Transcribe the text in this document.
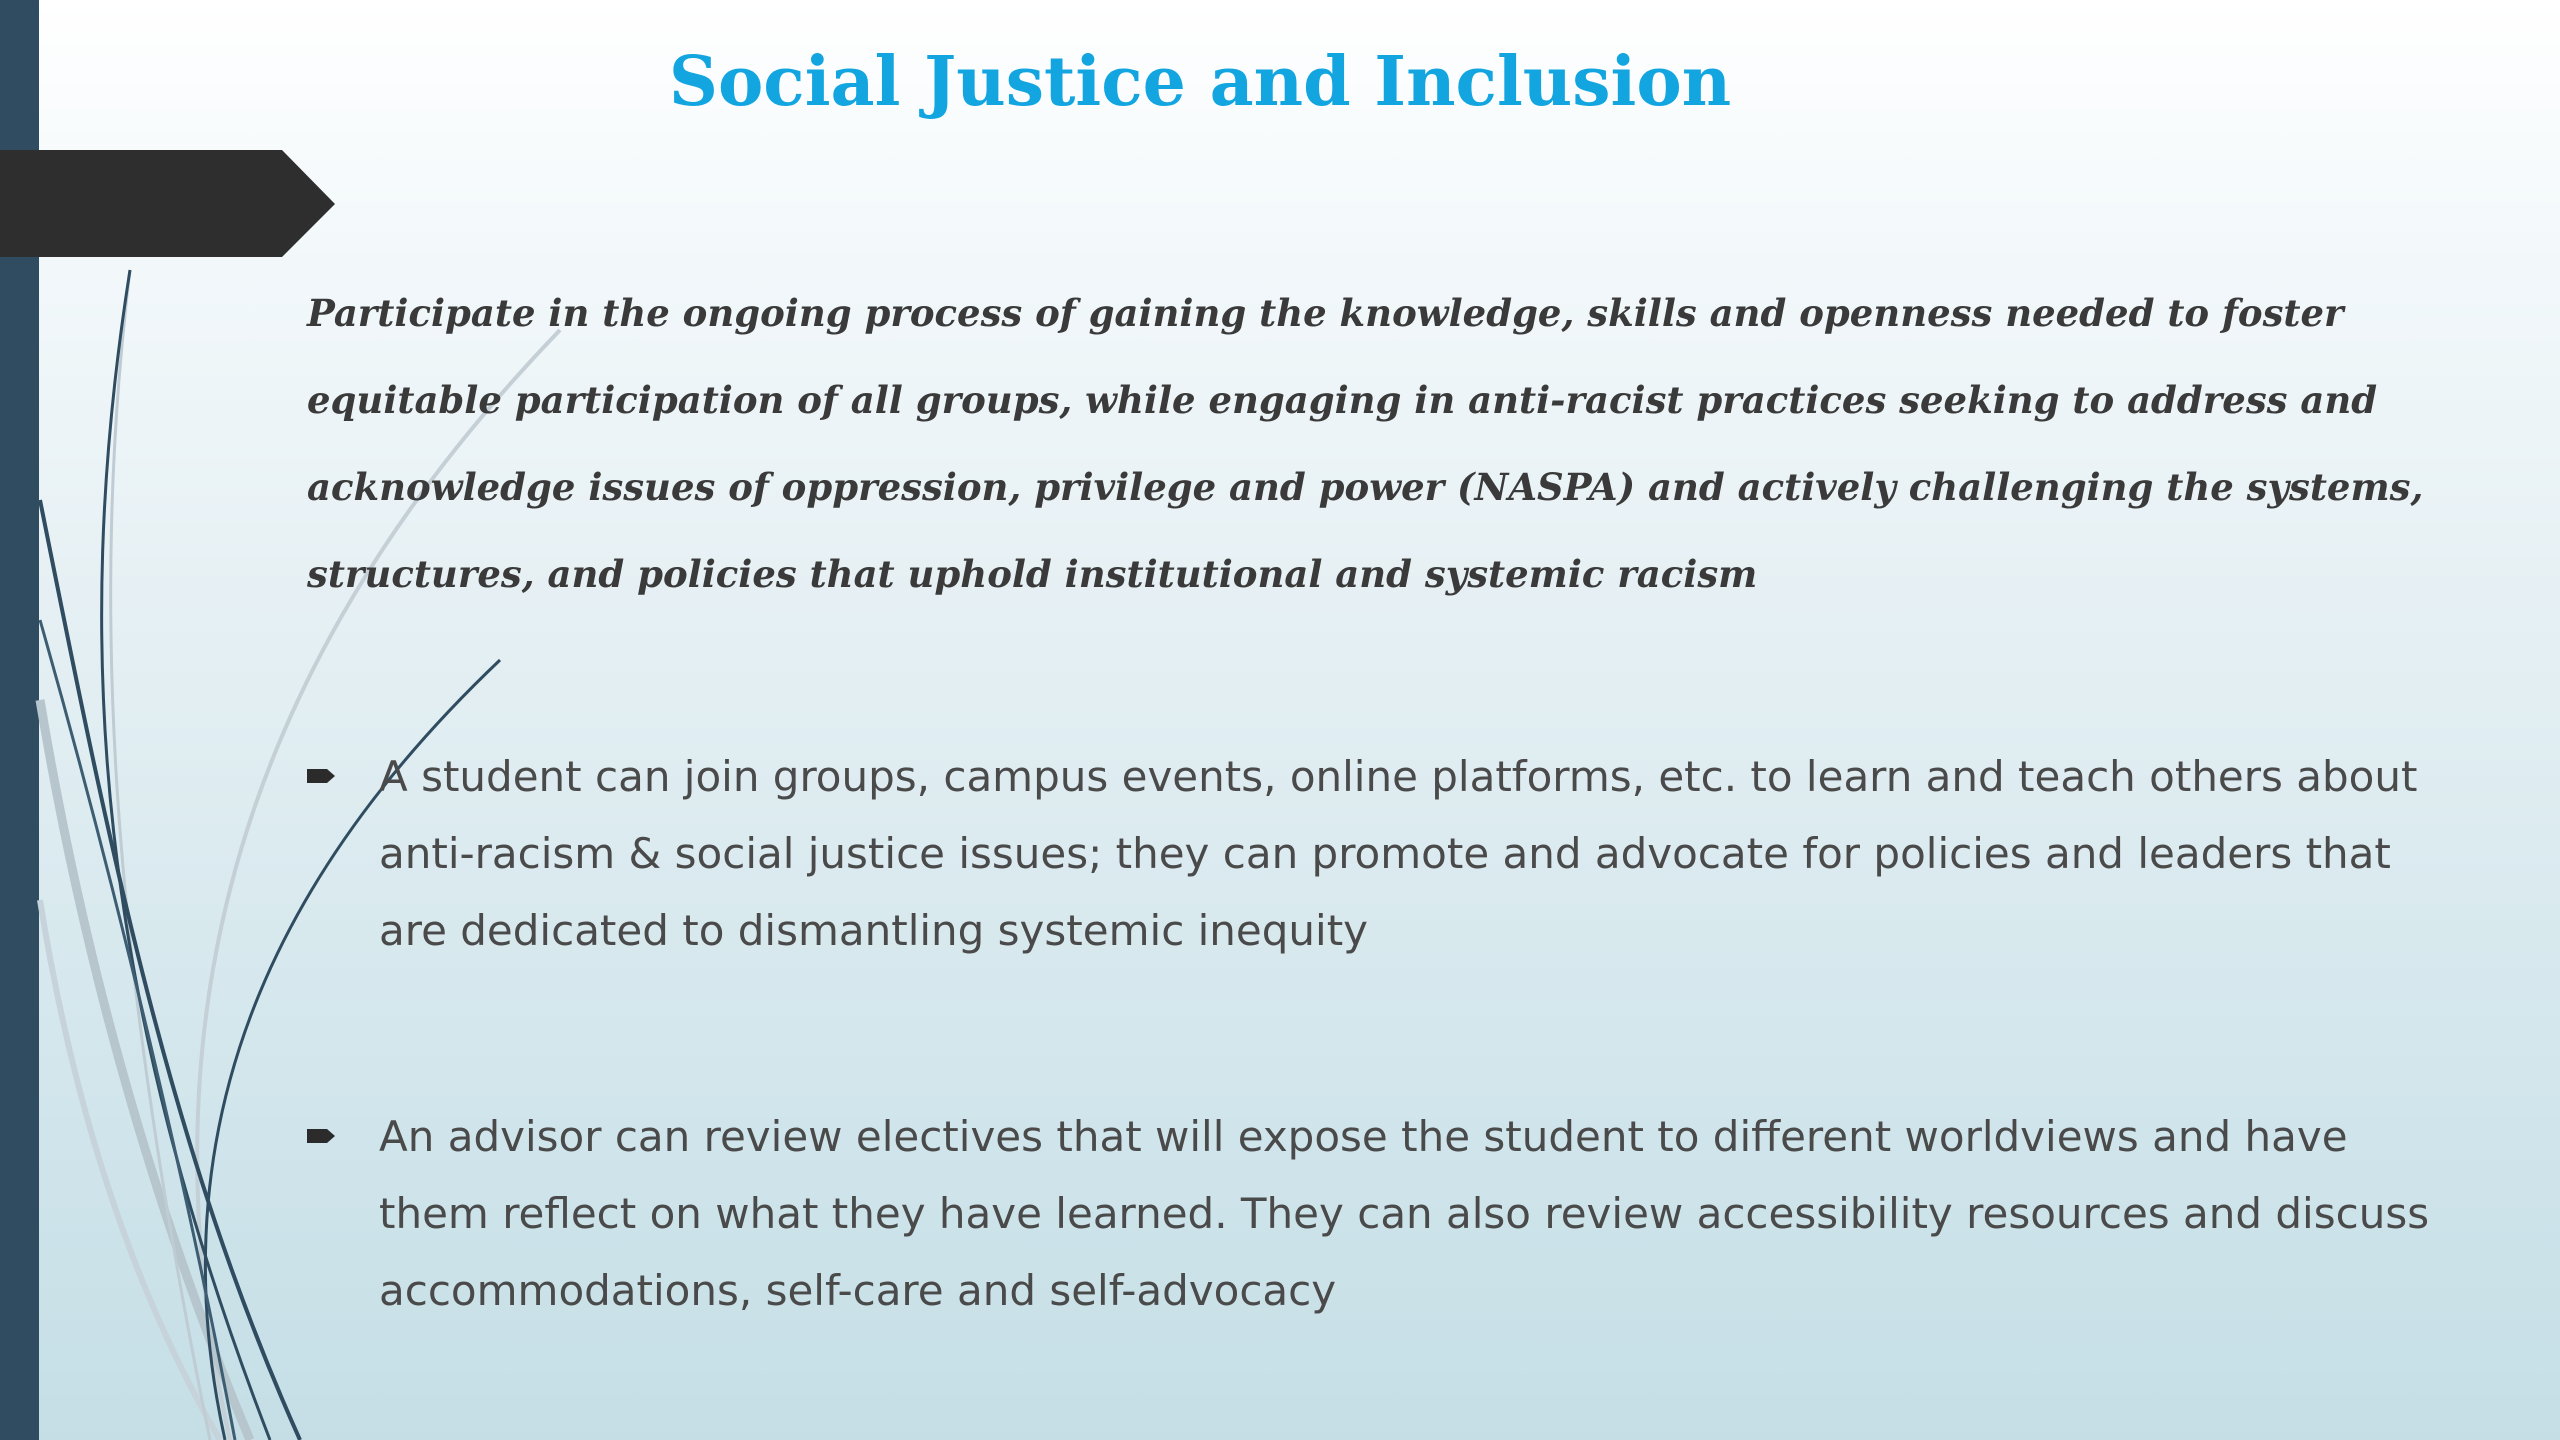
Social Justice and Inclusion
Participate in the ongoing process of gaining the knowledge, skills and openness needed to foster equitable participation of all groups, while engaging in anti-racist practices seeking to address and acknowledge issues of oppression, privilege and power (NASPA) and actively challenging the systems, structures, and policies that uphold institutional and systemic racism
A student can join groups, campus events, online platforms, etc. to learn and teach others about anti-racism & social justice issues; they can promote and advocate for policies and leaders that are dedicated to dismantling systemic inequity
An advisor can review electives that will expose the student to different worldviews and have them reflect on what they have learned. They can also review accessibility resources and discuss accommodations, self-care and self-advocacy
